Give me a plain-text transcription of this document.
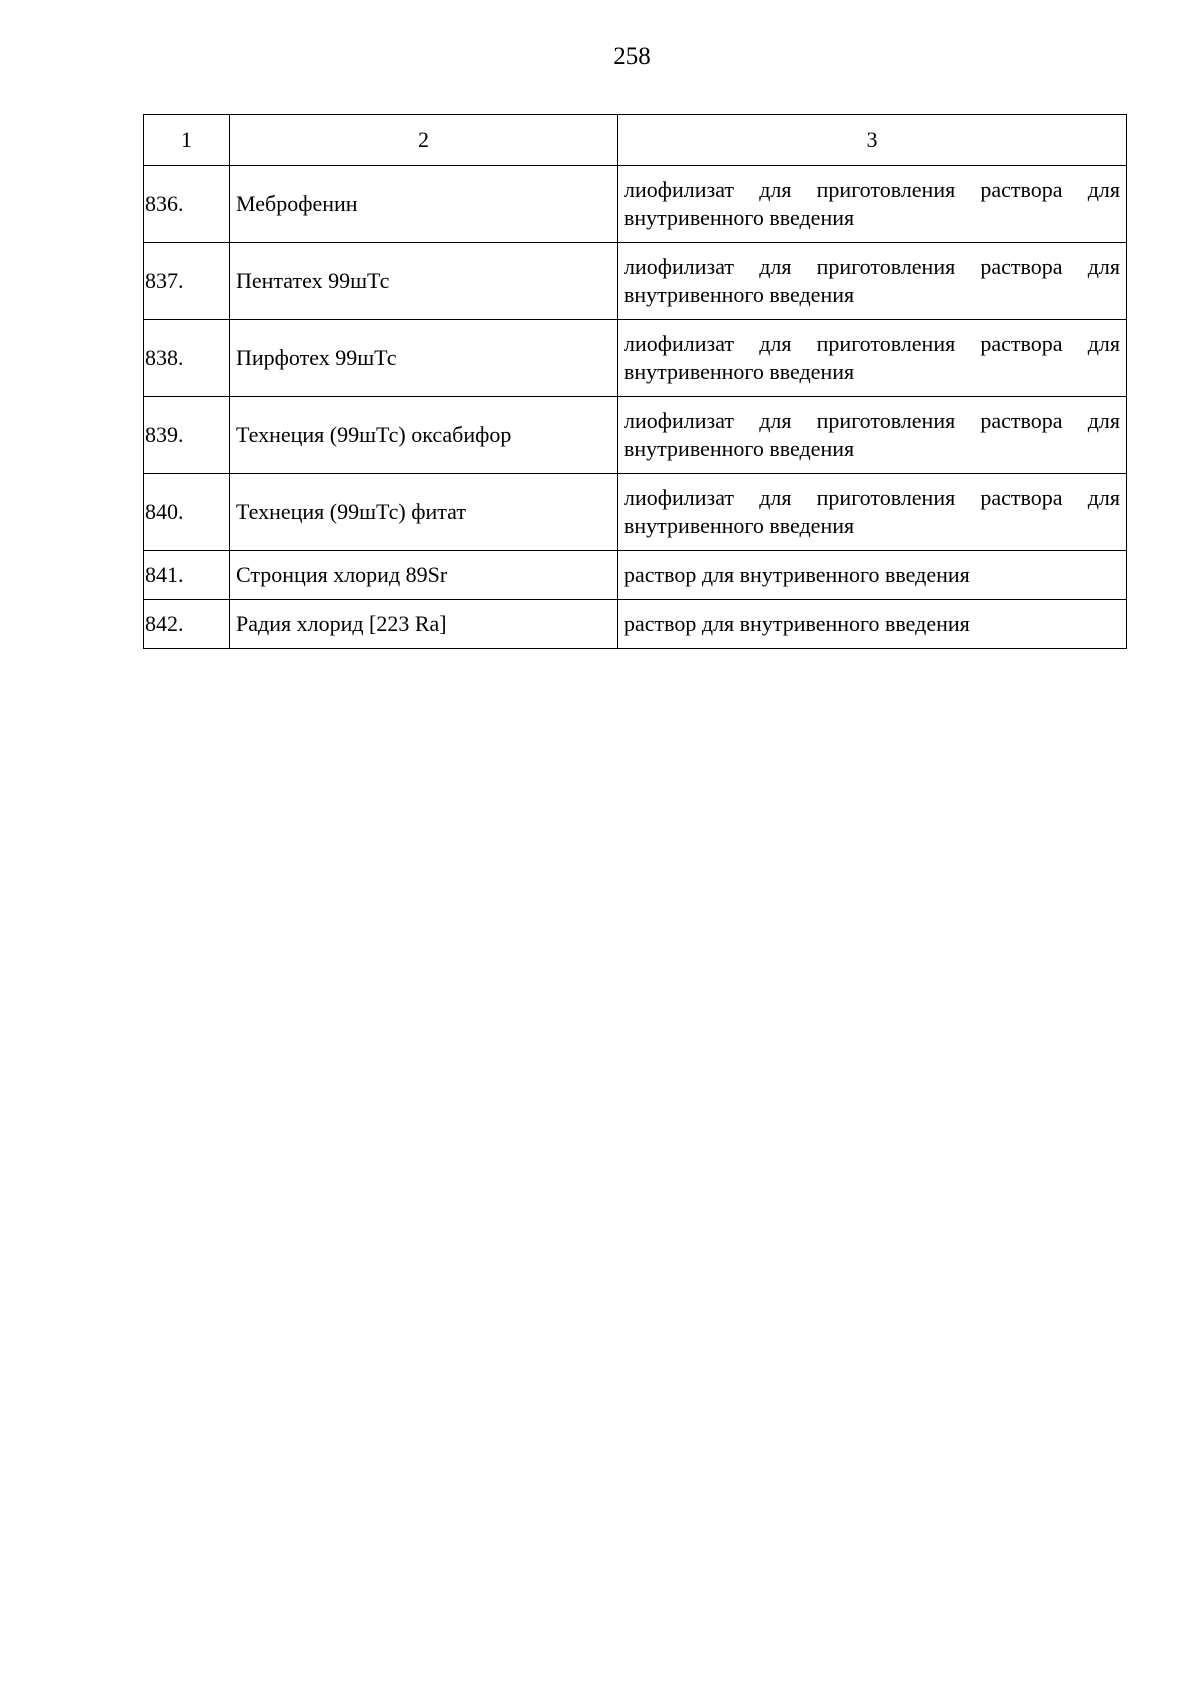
258
1	2	3
836.	Меброфенин	лиофилизат для приготовления раствора для внутривенного введения
837.	Пентатех 99шТс	лиофилизат для приготовления раствора для внутривенного введения
838.	Пирфотех 99шТс	лиофилизат для приготовления раствора для внутривенного введения
839.	Технеция (99шТс) оксабифор	лиофилизат для приготовления раствора для внутривенного введения
840.	Технеция (99шТс) фитат	лиофилизат для приготовления раствора для внутривенного введения
841.	Стронция хлорид 89Sr	раствор для внутривенного введения
842.	Радия хлорид [223 Ra]	раствор для внутривенного введения
